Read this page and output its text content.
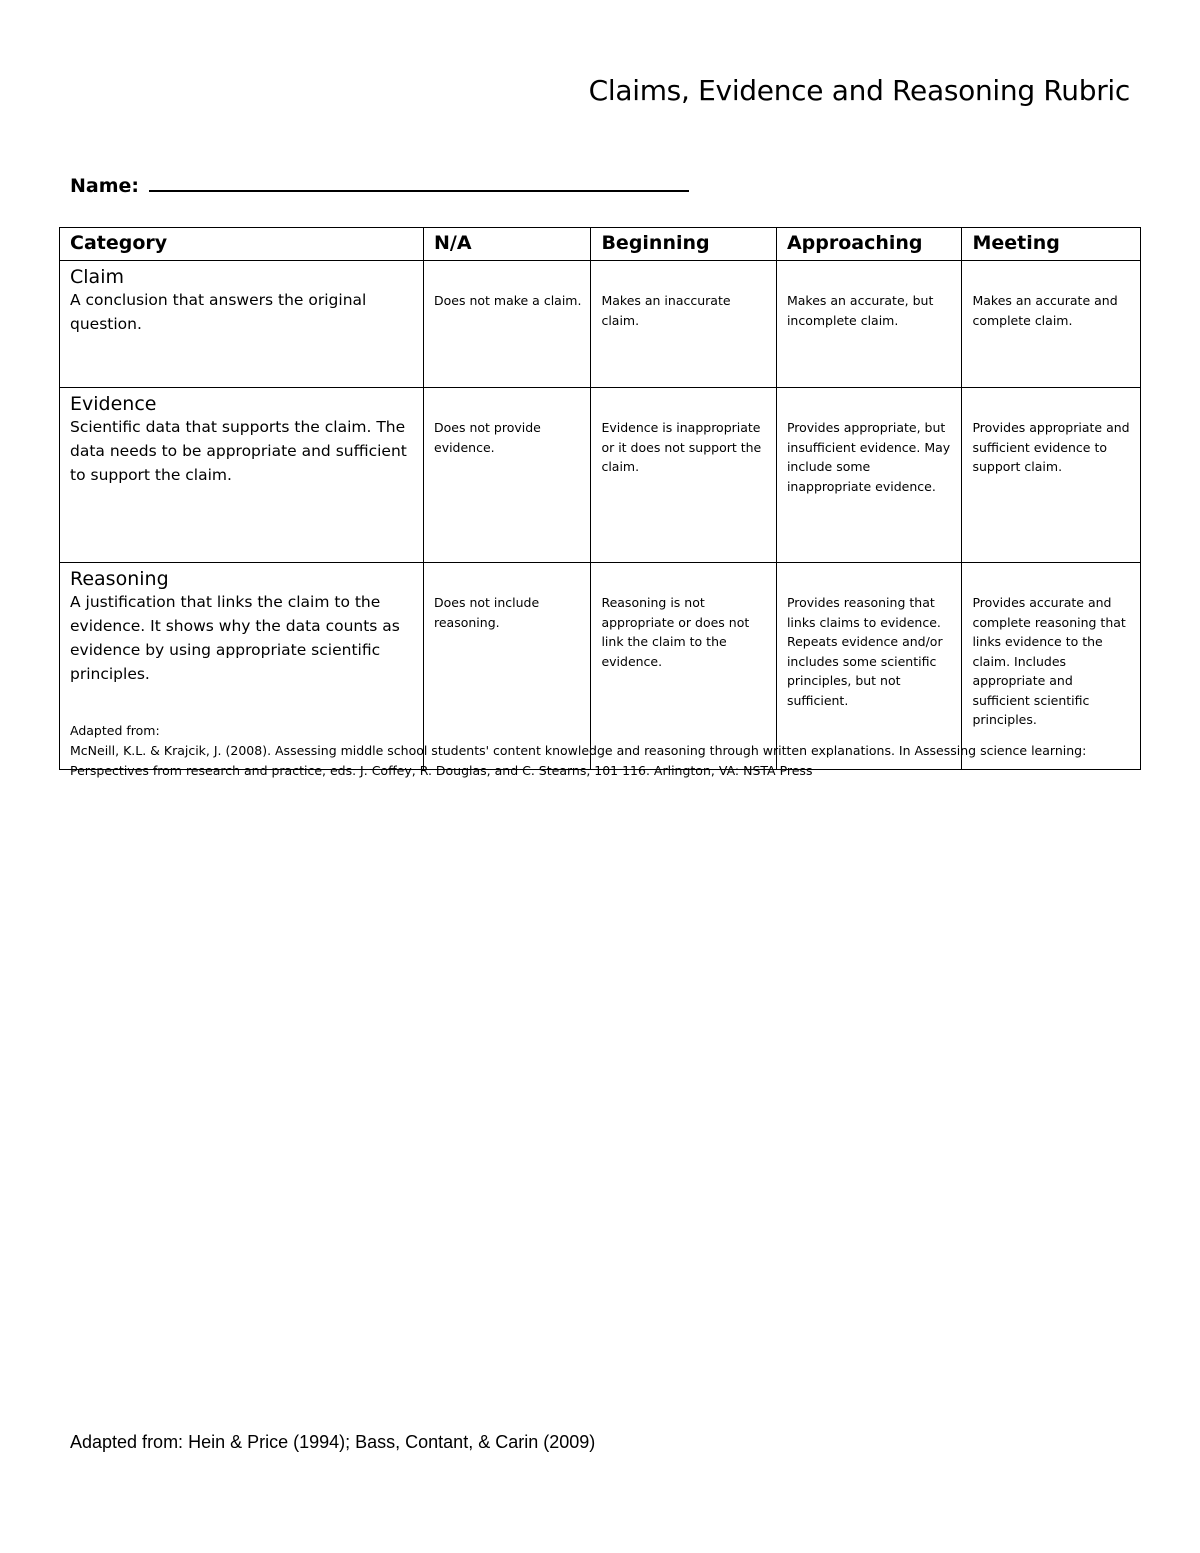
Claims, Evidence and Reasoning Rubric
Name:
Category	N/A	Beginning	Approaching	Meeting

Claim
A conclusion that answers the original question.	Does not make a claim.	Makes an inaccurate claim.	Makes an accurate, but incomplete claim.	Makes an accurate and complete claim.

Evidence
Scientific data that supports the claim. The data needs to be appropriate and sufficient to support the claim.	Does not provide evidence.	Evidence is inappropriate or it does not support the claim.	Provides appropriate, but insufficient evidence. May include some inappropriate evidence.	Provides appropriate and sufficient evidence to support claim.

Reasoning
A justification that links the claim to the evidence. It shows why the data counts as evidence by using appropriate scientific principles.	Does not include reasoning.	Reasoning is not appropriate or does not link the claim to the evidence.	Provides reasoning that links claims to evidence. Repeats evidence and/or includes some scientific principles, but not sufficient.	Provides accurate and complete reasoning that links evidence to the claim. Includes appropriate and sufficient scientific principles.
Adapted from:
McNeill, K.L. & Krajcik, J. (2008). Assessing middle school students' content knowledge and reasoning through written explanations. In Assessing science learning:
Perspectives from research and practice, eds. J. Coffey, R. Douglas, and C. Stearns, 101 116. Arlington, VA: NSTA Press
Adapted from: Hein & Price (1994); Bass, Contant, & Carin (2009)
